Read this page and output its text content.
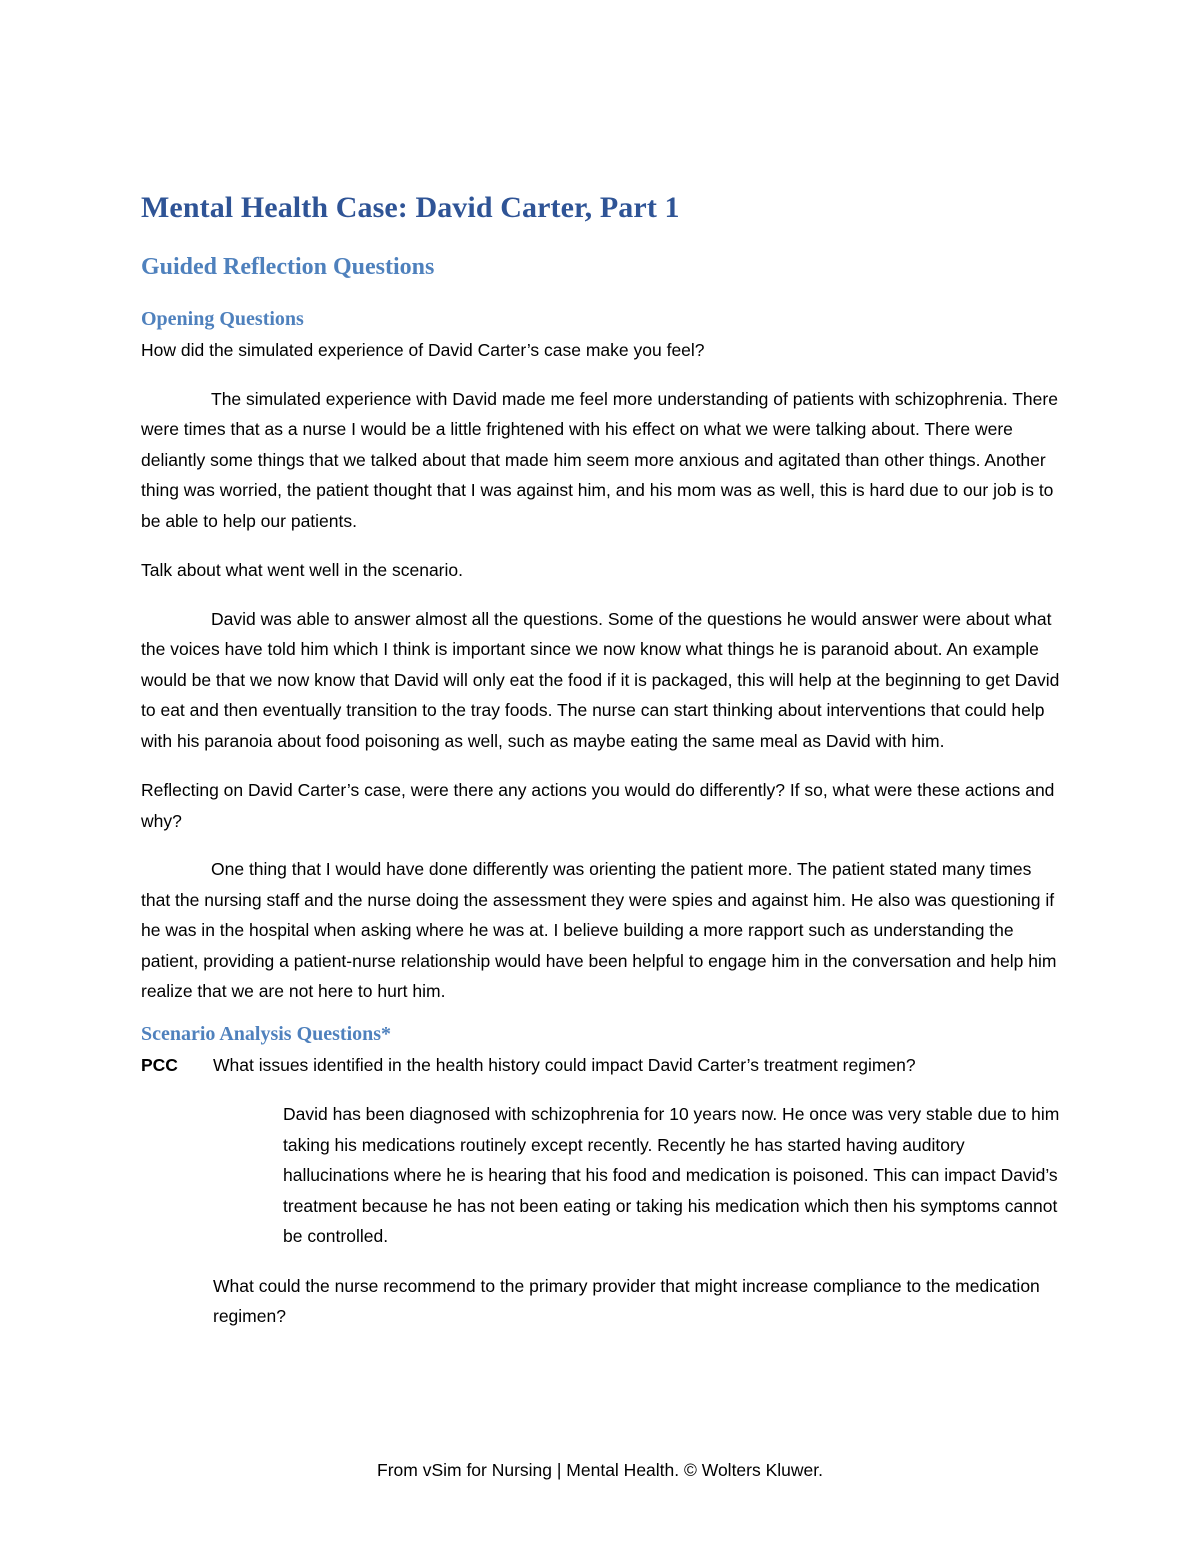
Mental Health Case: David Carter, Part 1
Guided Reflection Questions
Opening Questions

How did the simulated experience of David Carter’s case make you feel?

The simulated experience with David made me feel more understanding of patients with schizophrenia. There were times that as a nurse I would be a little frightened with his effect on what we were talking about. There were deliantly some things that we talked about that made him seem more anxious and agitated than other things. Another thing was worried, the patient thought that I was against him, and his mom was as well, this is hard due to our job is to be able to help our patients.

Talk about what went well in the scenario.

David was able to answer almost all the questions. Some of the questions he would answer were about what the voices have told him which I think is important since we now know what things he is paranoid about. An example would be that we now know that David will only eat the food if it is packaged, this will help at the beginning to get David to eat and then eventually transition to the tray foods. The nurse can start thinking about interventions that could help with his paranoia about food poisoning as well, such as maybe eating the same meal as David with him.

Reflecting on David Carter’s case, were there any actions you would do differently? If so, what were these actions and why?

One thing that I would have done differently was orienting the patient more. The patient stated many times that the nursing staff and the nurse doing the assessment they were spies and against him. He also was questioning if he was in the hospital when asking where he was at. I believe building a more rapport such as understanding the patient, providing a patient-nurse relationship would have been helpful to engage him in the conversation and help him realize that we are not here to hurt him.

Scenario Analysis Questions*
PCC	What issues identified in the health history could impact David Carter’s treatment regimen?

David has been diagnosed with schizophrenia for 10 years now. He once was very stable due to him taking his medications routinely except recently. Recently he has started having auditory hallucinations where he is hearing that his food and medication is poisoned. This can impact David’s treatment because he has not been eating or taking his medication which then his symptoms cannot be controlled.

What could the nurse recommend to the primary provider that might increase compliance to the medication regimen?

From vSim for Nursing | Mental Health. © Wolters Kluwer.
